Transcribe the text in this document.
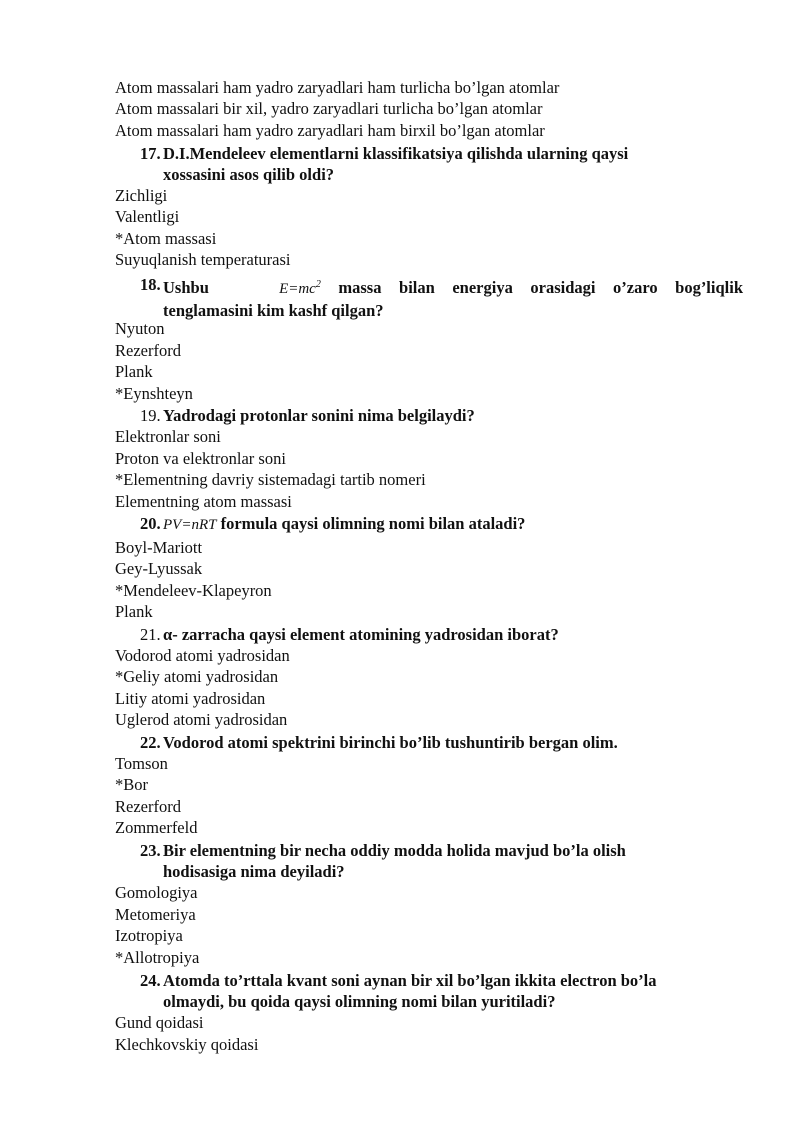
Atom massalari ham yadro zaryadlari ham turlicha bo’lgan atomlar
Atom massalari bir xil, yadro zaryadlari turlicha bo’lgan atomlar
Atom massalari ham yadro zaryadlari ham birxil bo’lgan atomlar
17. D.I.Mendeleev elementlarni klassifikatsiya qilishda ularning qaysi
xossasini asos qilib oldi?
Zichligi
Valentligi
*Atom massasi
Suyuqlanish temperaturasi
18. Ushbu	$E=mc^2$ massa bilan energiya orasidagi o’zaro bog’liqlik
tenglamasini kim kashf qilgan?
Nyuton
Rezerford
Plank
*Eynshteyn
19. Yadrodagi protonlar sonini nima belgilaydi?
Elektronlar soni
Proton va elektronlar soni
*Elementning davriy sistemadagi tartib nomeri
Elementning atom massasi
20. PV=nRT formula qaysi olimning nomi bilan ataladi?
Boyl-Mariott
Gey-Lyussak
*Mendeleev-Klapeyron
Plank
21. α- zarracha qaysi element atomining yadrosidan iborat?
Vodorod atomi yadrosidan
*Geliy atomi yadrosidan
Litiy atomi yadrosidan
Uglerod atomi yadrosidan
22. Vodorod atomi spektrini birinchi bo’lib tushuntirib bergan olim.
Tomson
*Bor
Rezerford
Zommerfeld
23. Bir elementning bir necha oddiy modda holida mavjud bo’la olish
hodisasiga nima deyiladi?
Gomologiya
Metomeriya
Izotropiya
*Allotropiya
24. Atomda to’rttala kvant soni aynan bir xil bo’lgan ikkita electron bo’la
olmaydi, bu qoida qaysi olimning nomi bilan yuritiladi?
Gund qoidasi
Klechkovskiy qoidasi
